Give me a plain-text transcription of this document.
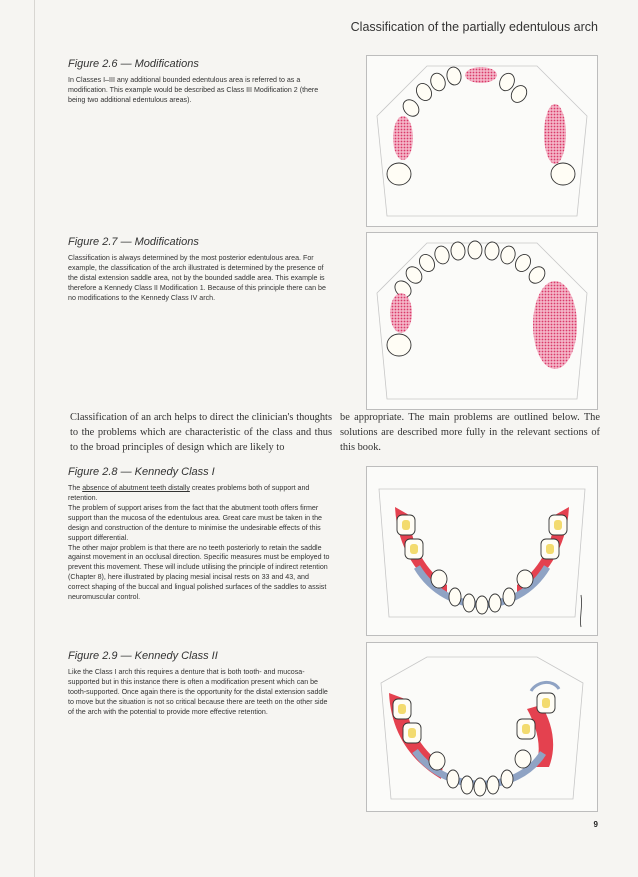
Classification of the partially edentulous arch

Figure 2.6 — Modifications

In Classes I–III any additional bounded edentulous area is referred to as a modification. This example would be described as Class III Modification 2 (there being two additional edentulous areas).

Figure 2.7 — Modifications

Classification is always determined by the most posterior edentulous area. For example, the classification of the arch illustrated is determined by the presence of the distal extension saddle area, not by the bounded saddle area. This example is therefore a Kennedy Class II Modification 1. Because of this principle there can be no modifications to the Kennedy Class IV arch.

Classification of an arch helps to direct the clinician's thoughts to the problems which are characteristic of the class and thus to the broad principles of design which are likely to

be appropriate. The main problems are outlined below. The solutions are described more fully in the relevant sections of this book.

Figure 2.8 — Kennedy Class I

The absence of abutment teeth distally creates problems both of support and retention.
The problem of support arises from the fact that the abutment tooth offers firmer support than the mucosa of the edentulous area. Great care must be taken in the design and construction of the denture to minimise the undesirable effects of this support differential.
The other major problem is that there are no teeth posteriorly to retain the saddle against movement in an occlusal direction. Specific measures must be employed to prevent this movement. These will include utilising the principle of indirect retention (Chapter 8), here illustrated by placing mesial incisal rests on 33 and 43, and correct shaping of the buccal and lingual polished surfaces of the saddles to assist neuromuscular control.

Figure 2.9 — Kennedy Class II

Like the Class I arch this requires a denture that is both tooth- and mucosa-supported but in this instance there is often a modification present which can be tooth-supported. Once again there is the opportunity for the distal extension saddle to move but the situation is not so critical because there are teeth on the other side of the arch with the potential to provide more effective retention.

9
